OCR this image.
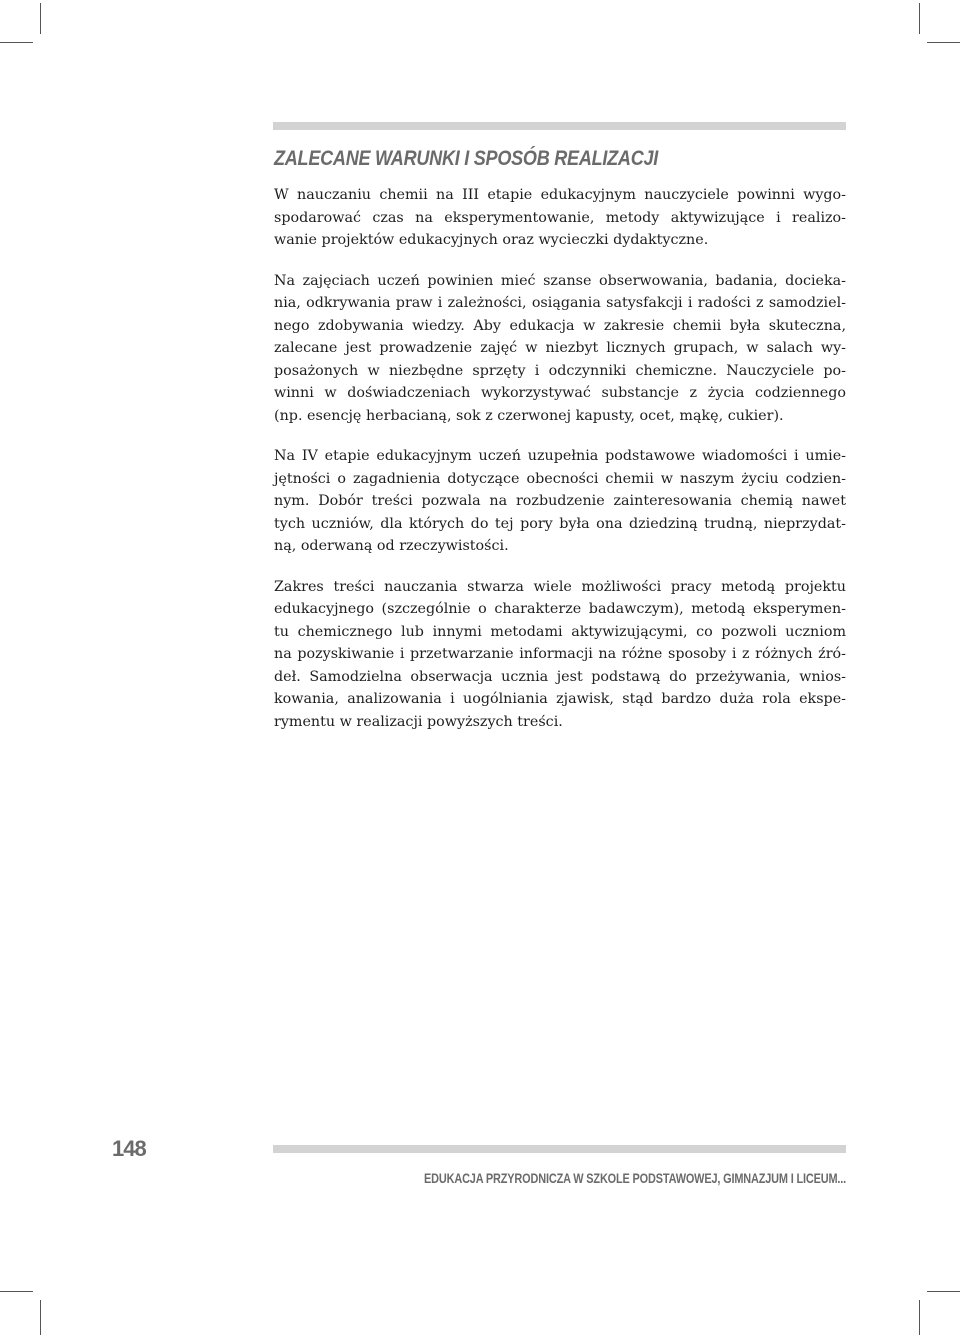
ZALECANE WARUNKI I SPOSÓB REALIZACJI

W nauczaniu chemii na III etapie edukacyjnym nauczyciele powinni wygo-
spodarować czas na eksperymentowanie, metody aktywizujące i realizo-
wanie projektów edukacyjnych oraz wycieczki dydaktyczne.

Na zajęciach uczeń powinien mieć szanse obserwowania, badania, docieka-
nia, odkrywania praw i zależności, osiągania satysfakcji i radości z samodziel-
nego zdobywania wiedzy. Aby edukacja w zakresie chemii była skuteczna,
zalecane jest prowadzenie zajęć w niezbyt licznych grupach, w salach wy-
posażonych w niezbędne sprzęty i odczynniki chemiczne. Nauczyciele po-
winni w doświadczeniach wykorzystywać substancje z życia codziennego
(np. esencję herbacianą, sok z czerwonej kapusty, ocet, mąkę, cukier).

Na IV etapie edukacyjnym uczeń uzupełnia podstawowe wiadomości i umie-
jętności o zagadnienia dotyczące obecności chemii w naszym życiu codzien-
nym. Dobór treści pozwala na rozbudzenie zainteresowania chemią nawet
tych uczniów, dla których do tej pory była ona dziedziną trudną, nieprzydat-
ną, oderwaną od rzeczywistości.

Zakres treści nauczania stwarza wiele możliwości pracy metodą projektu
edukacyjnego (szczególnie o charakterze badawczym), metodą eksperymen-
tu chemicznego lub innymi metodami aktywizującymi, co pozwoli uczniom
na pozyskiwanie i przetwarzanie informacji na różne sposoby i z różnych źró-
deł. Samodzielna obserwacja ucznia jest podstawą do przeżywania, wnios-
kowania, analizowania i uogólniania zjawisk, stąd bardzo duża rola ekspe-
rymentu w realizacji powyższych treści.

148
EDUKACJA PRZYRODNICZA W SZKOLE PODSTAWOWEJ, GIMNAZJUM I LICEUM...
